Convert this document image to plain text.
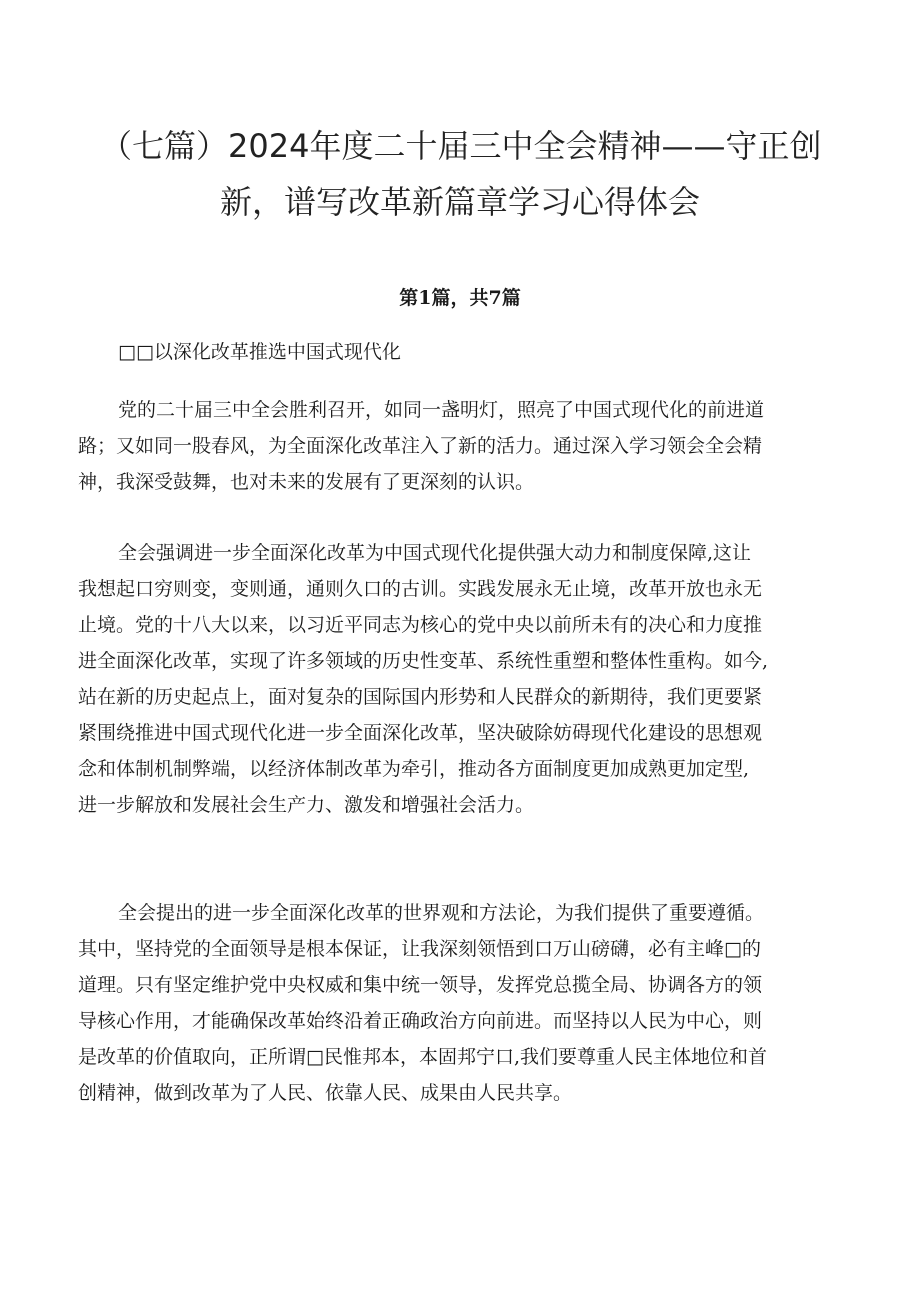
（七篇）2024年度二十届三中全会精神——守正创
新，谱写改革新篇章学习心得体会
第1篇，共7篇
□□以深化改革推选中国式现代化
党的二十届三中全会胜利召开，如同一盏明灯，照亮了中国式现代化的前进道
路；又如同一股春风，为全面深化改革注入了新的活力。通过深入学习领会全会精
神，我深受鼓舞，也对未来的发展有了更深刻的认识。
全会强调进一步全面深化改革为中国式现代化提供强大动力和制度保障,这让
我想起口穷则变，变则通，通则久口的古训。实践发展永无止境，改革开放也永无
止境。党的十八大以来，以习近平同志为核心的党中央以前所未有的决心和力度推
进全面深化改革，实现了许多领域的历史性变革、系统性重塑和整体性重构。如今,
站在新的历史起点上，面对复杂的国际国内形势和人民群众的新期待，我们更要紧
紧围绕推进中国式现代化进一步全面深化改革，坚决破除妨碍现代化建设的思想观
念和体制机制弊端，以经济体制改革为牵引，推动各方面制度更加成熟更加定型,
进一步解放和发展社会生产力、激发和增强社会活力。
全会提出的进一步全面深化改革的世界观和方法论，为我们提供了重要遵循。
其中，坚持党的全面领导是根本保证，让我深刻领悟到口万山磅礴，必有主峰□的
道理。只有坚定维护党中央权威和集中统一领导，发挥党总揽全局、协调各方的领
导核心作用，才能确保改革始终沿着正确政治方向前进。而坚持以人民为中心，则
是改革的价值取向，正所谓□民惟邦本，本固邦宁口,我们要尊重人民主体地位和首
创精神，做到改革为了人民、依靠人民、成果由人民共享。
